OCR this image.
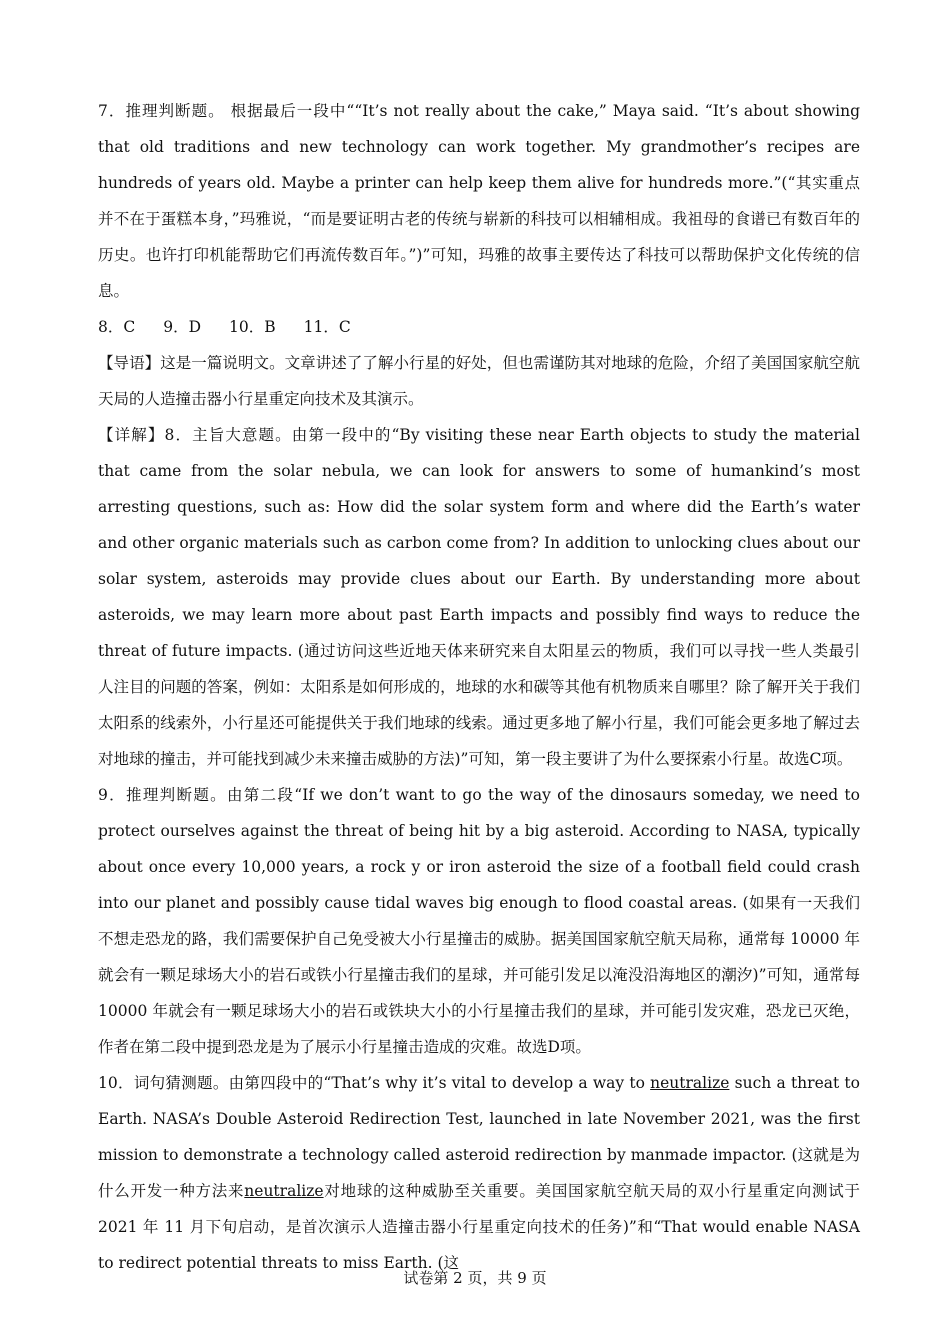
7．推理判断题。 根据最后一段中““It’s not really about the cake,” Maya said. “It’s about showing that old traditions and new technology can work together. My grandmother’s recipes are hundreds of years old. Maybe a printer can help keep them alive for hundreds more.”(“其实重点并不在于蛋糕本身，”玛雅说，“而是要证明古老的传统与崭新的科技可以相辅相成。我祖母的食谱已有数百年的历史。也许打印机能帮助它们再流传数百年。”)”可知，玛雅的故事主要传达了科技可以帮助保护文化传统的信息。

8．C 9．D 10．B 11．C

【导语】这是一篇说明文。文章讲述了了解小行星的好处，但也需谨防其对地球的危险，介绍了美国国家航空航天局的人造撞击器小行星重定向技术及其演示。

【详解】8．主旨大意题。由第一段中的“By visiting these near Earth objects to study the material that came from the solar nebula, we can look for answers to some of humankind’s most arresting questions, such as: How did the solar system form and where did the Earth’s water and other organic materials such as carbon come from? In addition to unlocking clues about our solar system, asteroids may provide clues about our Earth. By understanding more about asteroids, we may learn more about past Earth impacts and possibly find ways to reduce the threat of future impacts. (通过访问这些近地天体来研究来自太阳星云的物质，我们可以寻找一些人类最引人注目的问题的答案，例如：太阳系是如何形成的，地球的水和碳等其他有机物质来自哪里？除了解开关于我们太阳系的线索外，小行星还可能提供关于我们地球的线索。通过更多地了解小行星，我们可能会更多地了解过去对地球的撞击，并可能找到减少未来撞击威胁的方法)”可知，第一段主要讲了为什么要探索小行星。故选C项。

9．推理判断题。由第二段“If we don’t want to go the way of the dinosaurs someday, we need to protect ourselves against the threat of being hit by a big asteroid. According to NASA, typically about once every 10,000 years, a rock y or iron asteroid the size of a football field could crash into our planet and possibly cause tidal waves big enough to flood coastal areas. (如果有一天我们不想走恐龙的路，我们需要保护自己免受被大小行星撞击的威胁。据美国国家航空航天局称，通常每 10000 年就会有一颗足球场大小的岩石或铁小行星撞击我们的星球，并可能引发足以淹没沿海地区的潮汐)”可知，通常每 10000 年就会有一颗足球场大小的岩石或铁块大小的小行星撞击我们的星球，并可能引发灾难，恐龙已灭绝，作者在第二段中提到恐龙是为了展示小行星撞击造成的灾难。故选D项。

10．词句猜测题。由第四段中的“That’s why it’s vital to develop a way to neutralize such a threat to Earth. NASA’s Double Asteroid Redirection Test, launched in late November 2021, was the first mission to demonstrate a technology called asteroid redirection by manmade impactor. (这就是为什么开发一种方法来neutralize对地球的这种威胁至关重要。美国国家航空航天局的双小行星重定向测试于 2021 年 11 月下旬启动，是首次演示人造撞击器小行星重定向技术的任务)”和“That would enable NASA to redirect potential threats to miss Earth. (这

试卷第 2 页，共 9 页
